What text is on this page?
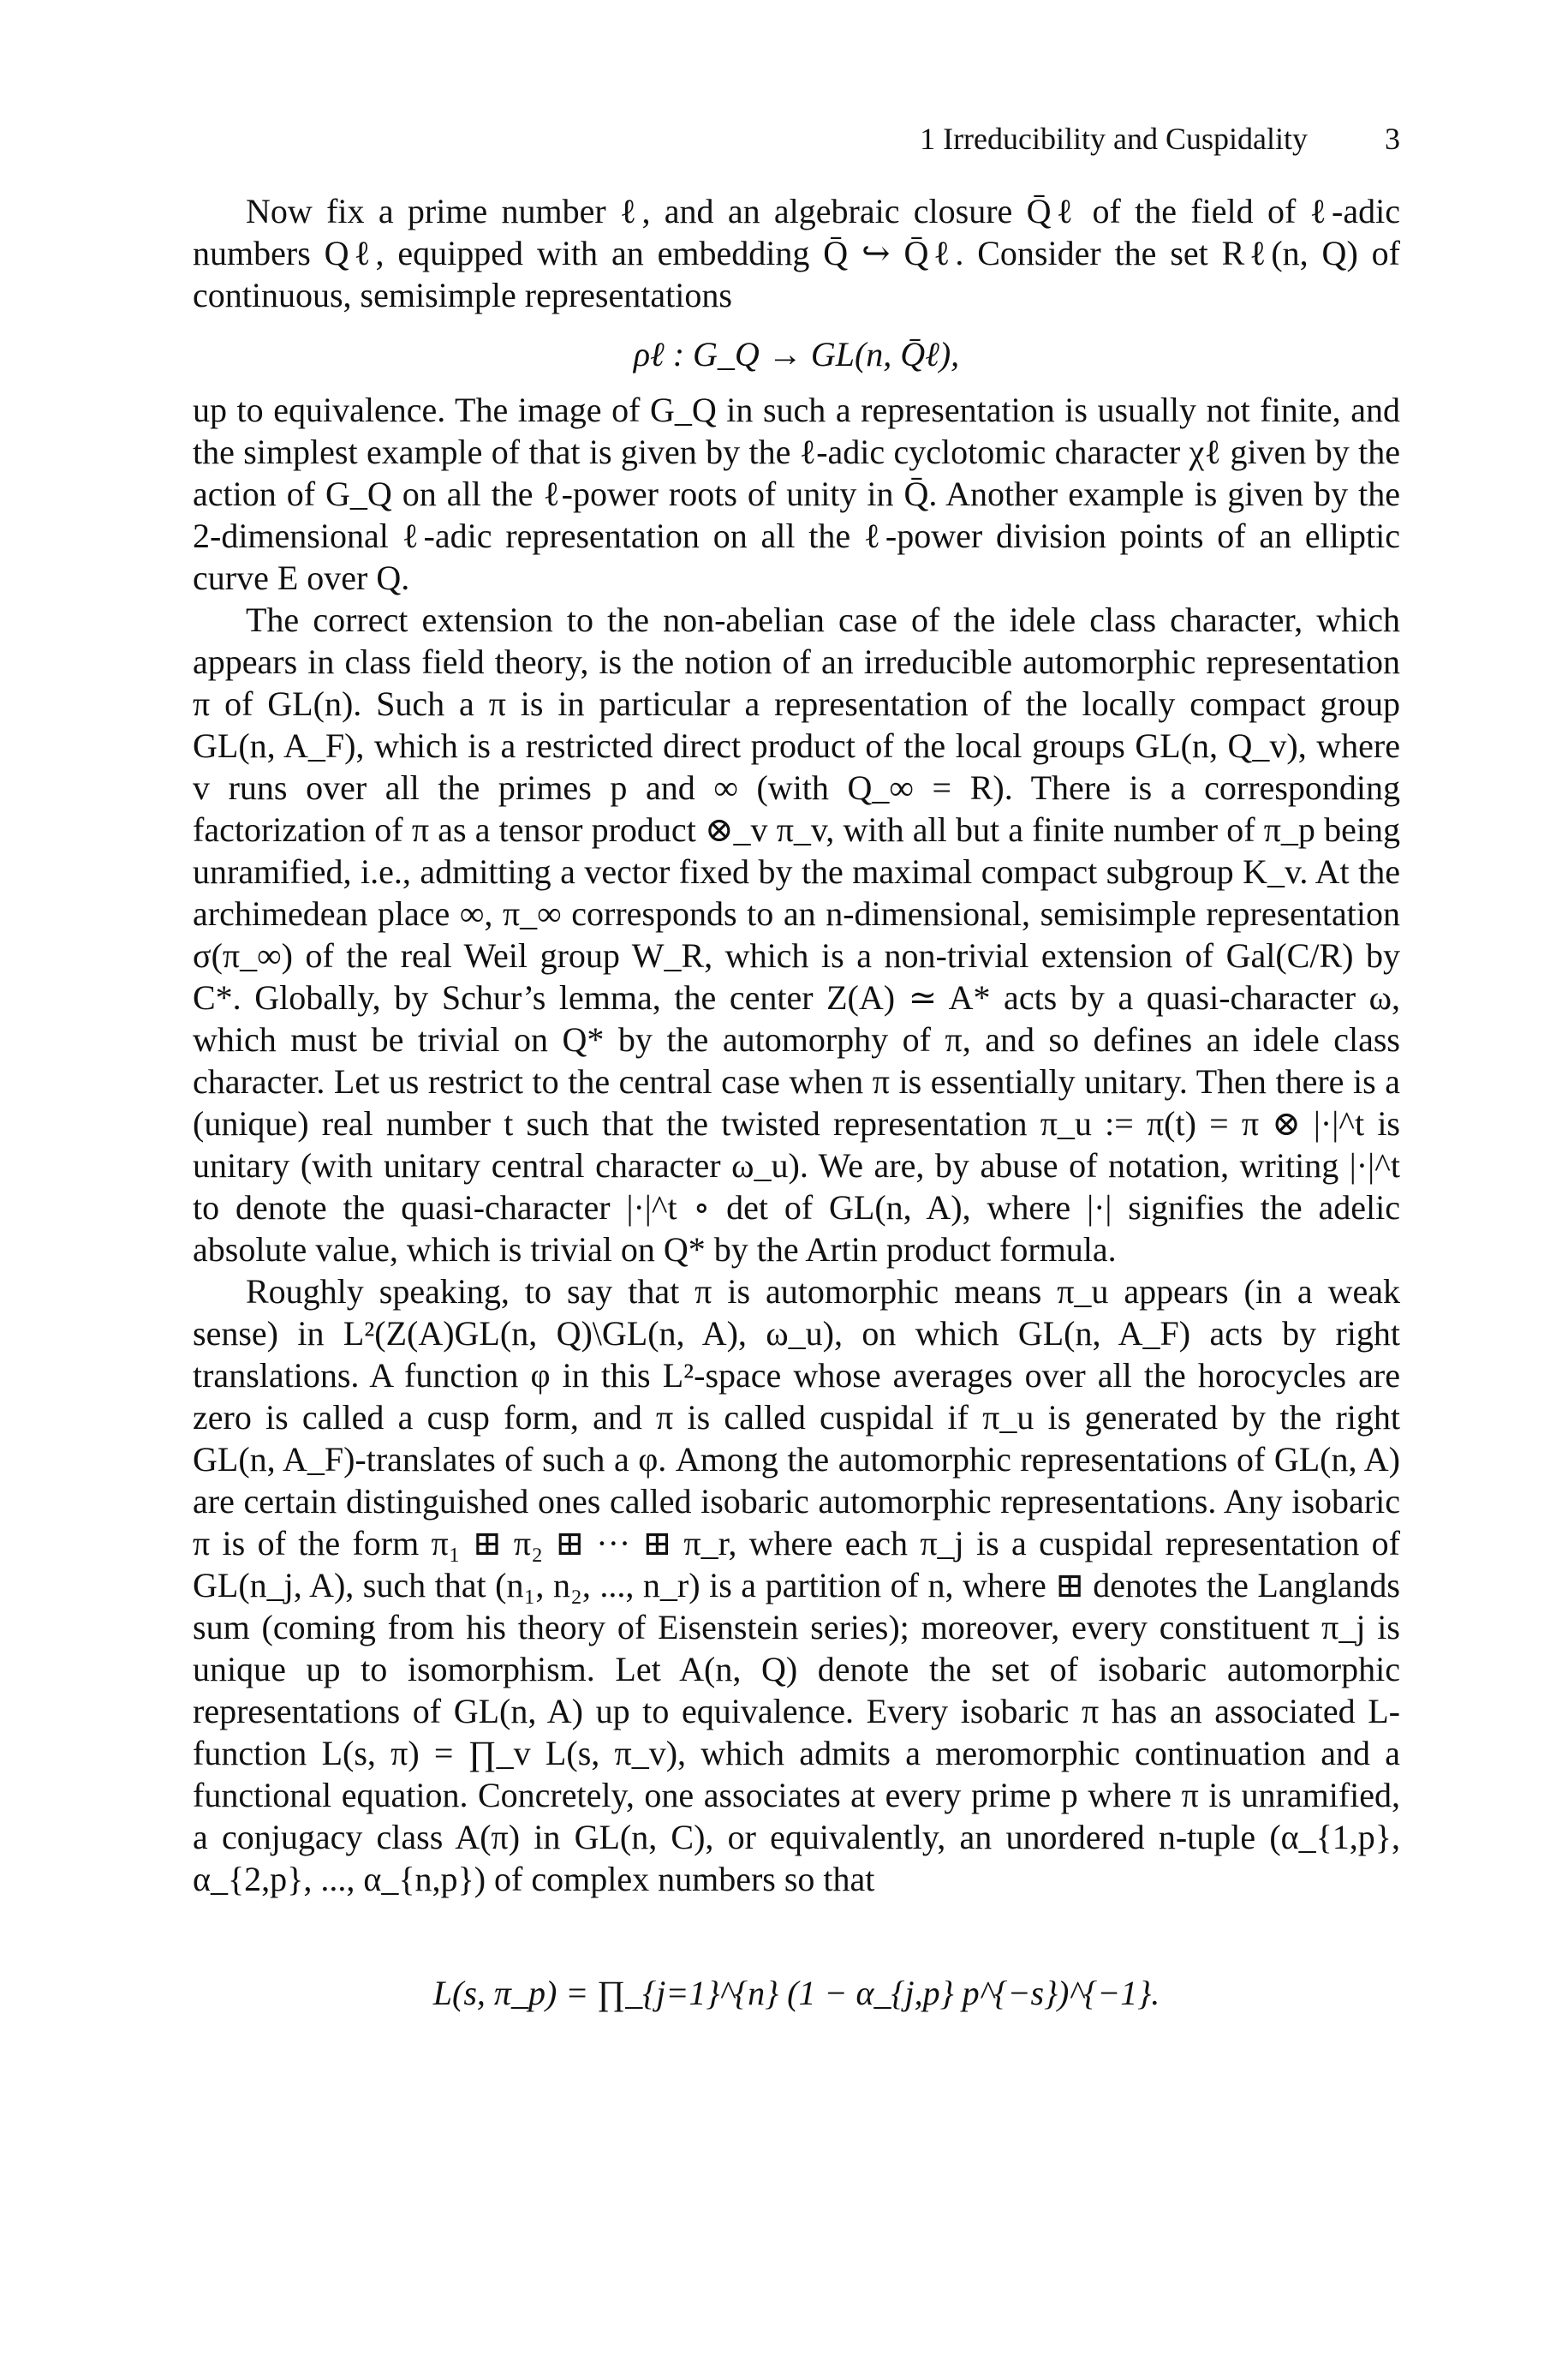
1 Irreducibility and Cuspidality	3

Now fix a prime number ℓ, and an algebraic closure Q̄ℓ of the field of ℓ-adic numbers Qℓ, equipped with an embedding Q̄ ↪ Q̄ℓ. Consider the set Rℓ(n, Q) of continuous, semisimple representations

ρℓ : G_Q → GL(n, Q̄ℓ),

up to equivalence. The image of G_Q in such a representation is usually not finite, and the simplest example of that is given by the ℓ-adic cyclotomic character χℓ given by the action of G_Q on all the ℓ-power roots of unity in Q̄. Another example is given by the 2-dimensional ℓ-adic representation on all the ℓ-power division points of an elliptic curve E over Q.

The correct extension to the non-abelian case of the idele class character, which appears in class field theory, is the notion of an irreducible automorphic representation π of GL(n). Such a π is in particular a representation of the locally compact group GL(n, A_F), which is a restricted direct product of the local groups GL(n, Q_v), where v runs over all the primes p and ∞ (with Q_∞ = R). There is a corresponding factorization of π as a tensor product ⊗_v π_v, with all but a finite number of π_p being unramified, i.e., admitting a vector fixed by the maximal compact subgroup K_v. At the archimedean place ∞, π_∞ corresponds to an n-dimensional, semisimple representation σ(π_∞) of the real Weil group W_R, which is a non-trivial extension of Gal(C/R) by C*. Globally, by Schur’s lemma, the center Z(A) ≃ A* acts by a quasi-character ω, which must be trivial on Q* by the automorphy of π, and so defines an idele class character. Let us restrict to the central case when π is essentially unitary. Then there is a (unique) real number t such that the twisted representation π_u := π(t) = π ⊗ |·|^t is unitary (with unitary central character ω_u). We are, by abuse of notation, writing |·|^t to denote the quasi-character |·|^t ∘ det of GL(n, A), where |·| signifies the adelic absolute value, which is trivial on Q* by the Artin product formula.

Roughly speaking, to say that π is automorphic means π_u appears (in a weak sense) in L²(Z(A)GL(n, Q)\GL(n, A), ω_u), on which GL(n, A_F) acts by right translations. A function φ in this L²-space whose averages over all the horocycles are zero is called a cusp form, and π is called cuspidal if π_u is generated by the right GL(n, A_F)-translates of such a φ. Among the automorphic representations of GL(n, A) are certain distinguished ones called isobaric automorphic representations. Any isobaric π is of the form π₁ ⊞ π₂ ⊞ ··· ⊞ π_r, where each π_j is a cuspidal representation of GL(n_j, A), such that (n₁, n₂, ..., n_r) is a partition of n, where ⊞ denotes the Langlands sum (coming from his theory of Eisenstein series); moreover, every constituent π_j is unique up to isomorphism. Let A(n, Q) denote the set of isobaric automorphic representations of GL(n, A) up to equivalence. Every isobaric π has an associated L-function L(s, π) = ∏_v L(s, π_v), which admits a meromorphic continuation and a functional equation. Concretely, one associates at every prime p where π is unramified, a conjugacy class A(π) in GL(n, C), or equivalently, an unordered n-tuple (α_{1,p}, α_{2,p}, ..., α_{n,p}) of complex numbers so that

L(s, π_p) = ∏_{j=1}^{n} (1 − α_{j,p} p^{−s})^{−1}.
